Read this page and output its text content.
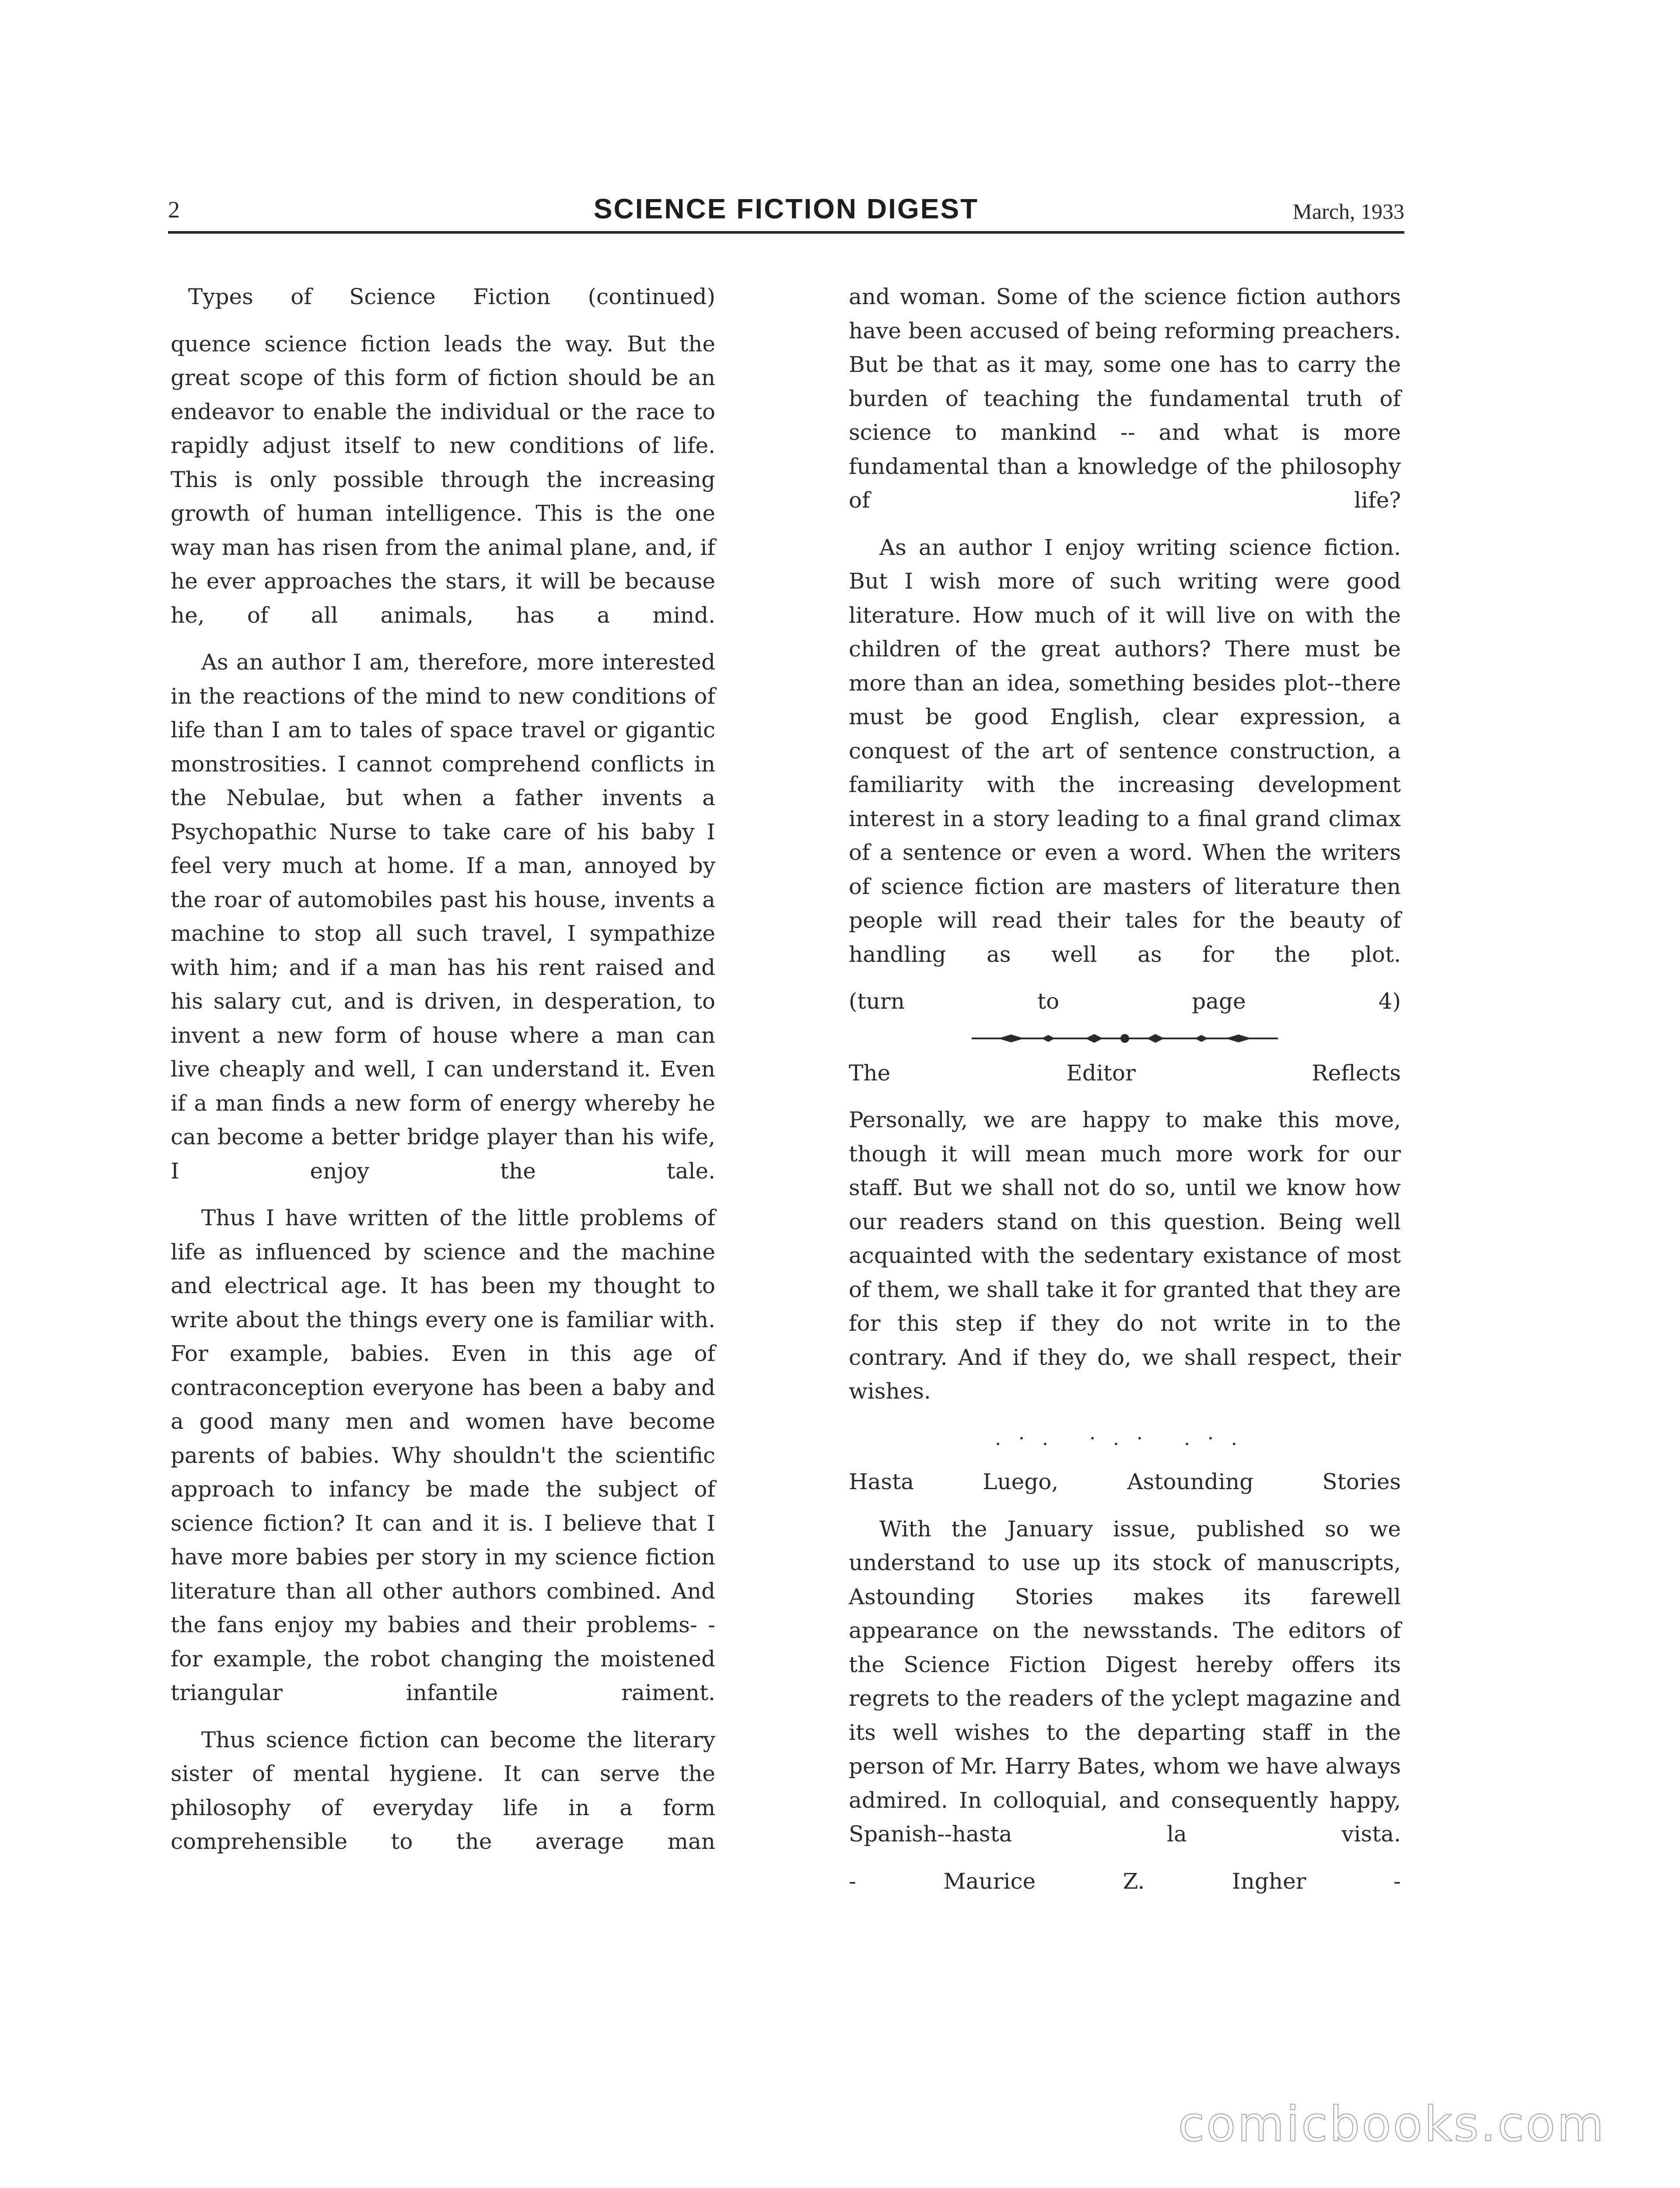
2	SCIENCE FICTION DIGEST	March, 1933

Types of Science Fiction (continued)

quence science fiction leads the way. But the great scope of this form of fiction should be an endeavor to enable the individual or the race to rapidly adjust itself to new conditions of life. This is only possible through the increasing growth of human intelligence. This is the one way man has risen from the animal plane, and, if he ever approaches the stars, it will be because he, of all animals, has a mind.

As an author I am, therefore, more interested in the reactions of the mind to new conditions of life than I am to tales of space travel or gigantic monstrosities. I cannot comprehend conflicts in the Nebulae, but when a father invents a Psychopathic Nurse to take care of his baby I feel very much at home. If a man, annoyed by the roar of automobiles past his house, invents a machine to stop all such travel, I sympathize with him; and if a man has his rent raised and his salary cut, and is driven, in desperation, to invent a new form of house where a man can live cheaply and well, I can understand it. Even if a man finds a new form of energy whereby he can become a better bridge player than his wife, I enjoy the tale.

Thus I have written of the little problems of life as influenced by science and the machine and electrical age. It has been my thought to write about the things every one is familiar with. For example, babies. Even in this age of contraconception everyone has been a baby and a good many men and women have become parents of babies. Why shouldn't the scientific approach to infancy be made the subject of science fiction? It can and it is. I believe that I have more babies per story in my science fiction literature than all other authors combined. And the fans enjoy my babies and their problems- - for example, the robot changing the moistened triangular infantile raiment.

Thus science fiction can become the literary sister of mental hygiene. It can serve the philosophy of everyday life in a form comprehensible to the average man

and woman. Some of the science fiction authors have been accused of being reforming preachers. But be that as it may, some one has to carry the burden of teaching the fundamental truth of science to mankind -- and what is more fundamental than a knowledge of the philosophy of life?

As an author I enjoy writing science fiction. But I wish more of such writing were good literature. How much of it will live on with the children of the great authors? There must be more than an idea, something besides plot--there must be good English, clear expression, a conquest of the art of sentence construction, a familiarity with the increasing development interest in a story leading to a final grand climax of a sentence or even a word. When the writers of science fiction are masters of literature then people will read their tales for the beauty of handling as well as for the plot.

(turn to page 4)

The Editor Reflects

Personally, we are happy to make this move, though it will mean much more work for our staff. But we shall not do so, until we know how our readers stand on this question. Being well acquainted with the sedentary existance of most of them, we shall take it for granted that they are for this step if they do not write in to the contrary. And if they do, we shall respect, their wishes.

.·. ·.· .·.

Hasta Luego, Astounding Stories

With the January issue, published so we understand to use up its stock of manuscripts, Astounding Stories makes its farewell appearance on the newsstands. The editors of the Science Fiction Digest hereby offers its regrets to the readers of the yclept magazine and its well wishes to the departing staff in the person of Mr. Harry Bates, whom we have always admired. In colloquial, and consequently happy, Spanish--hasta la vista.

- Maurice Z. Ingher -

comicbooks.com
